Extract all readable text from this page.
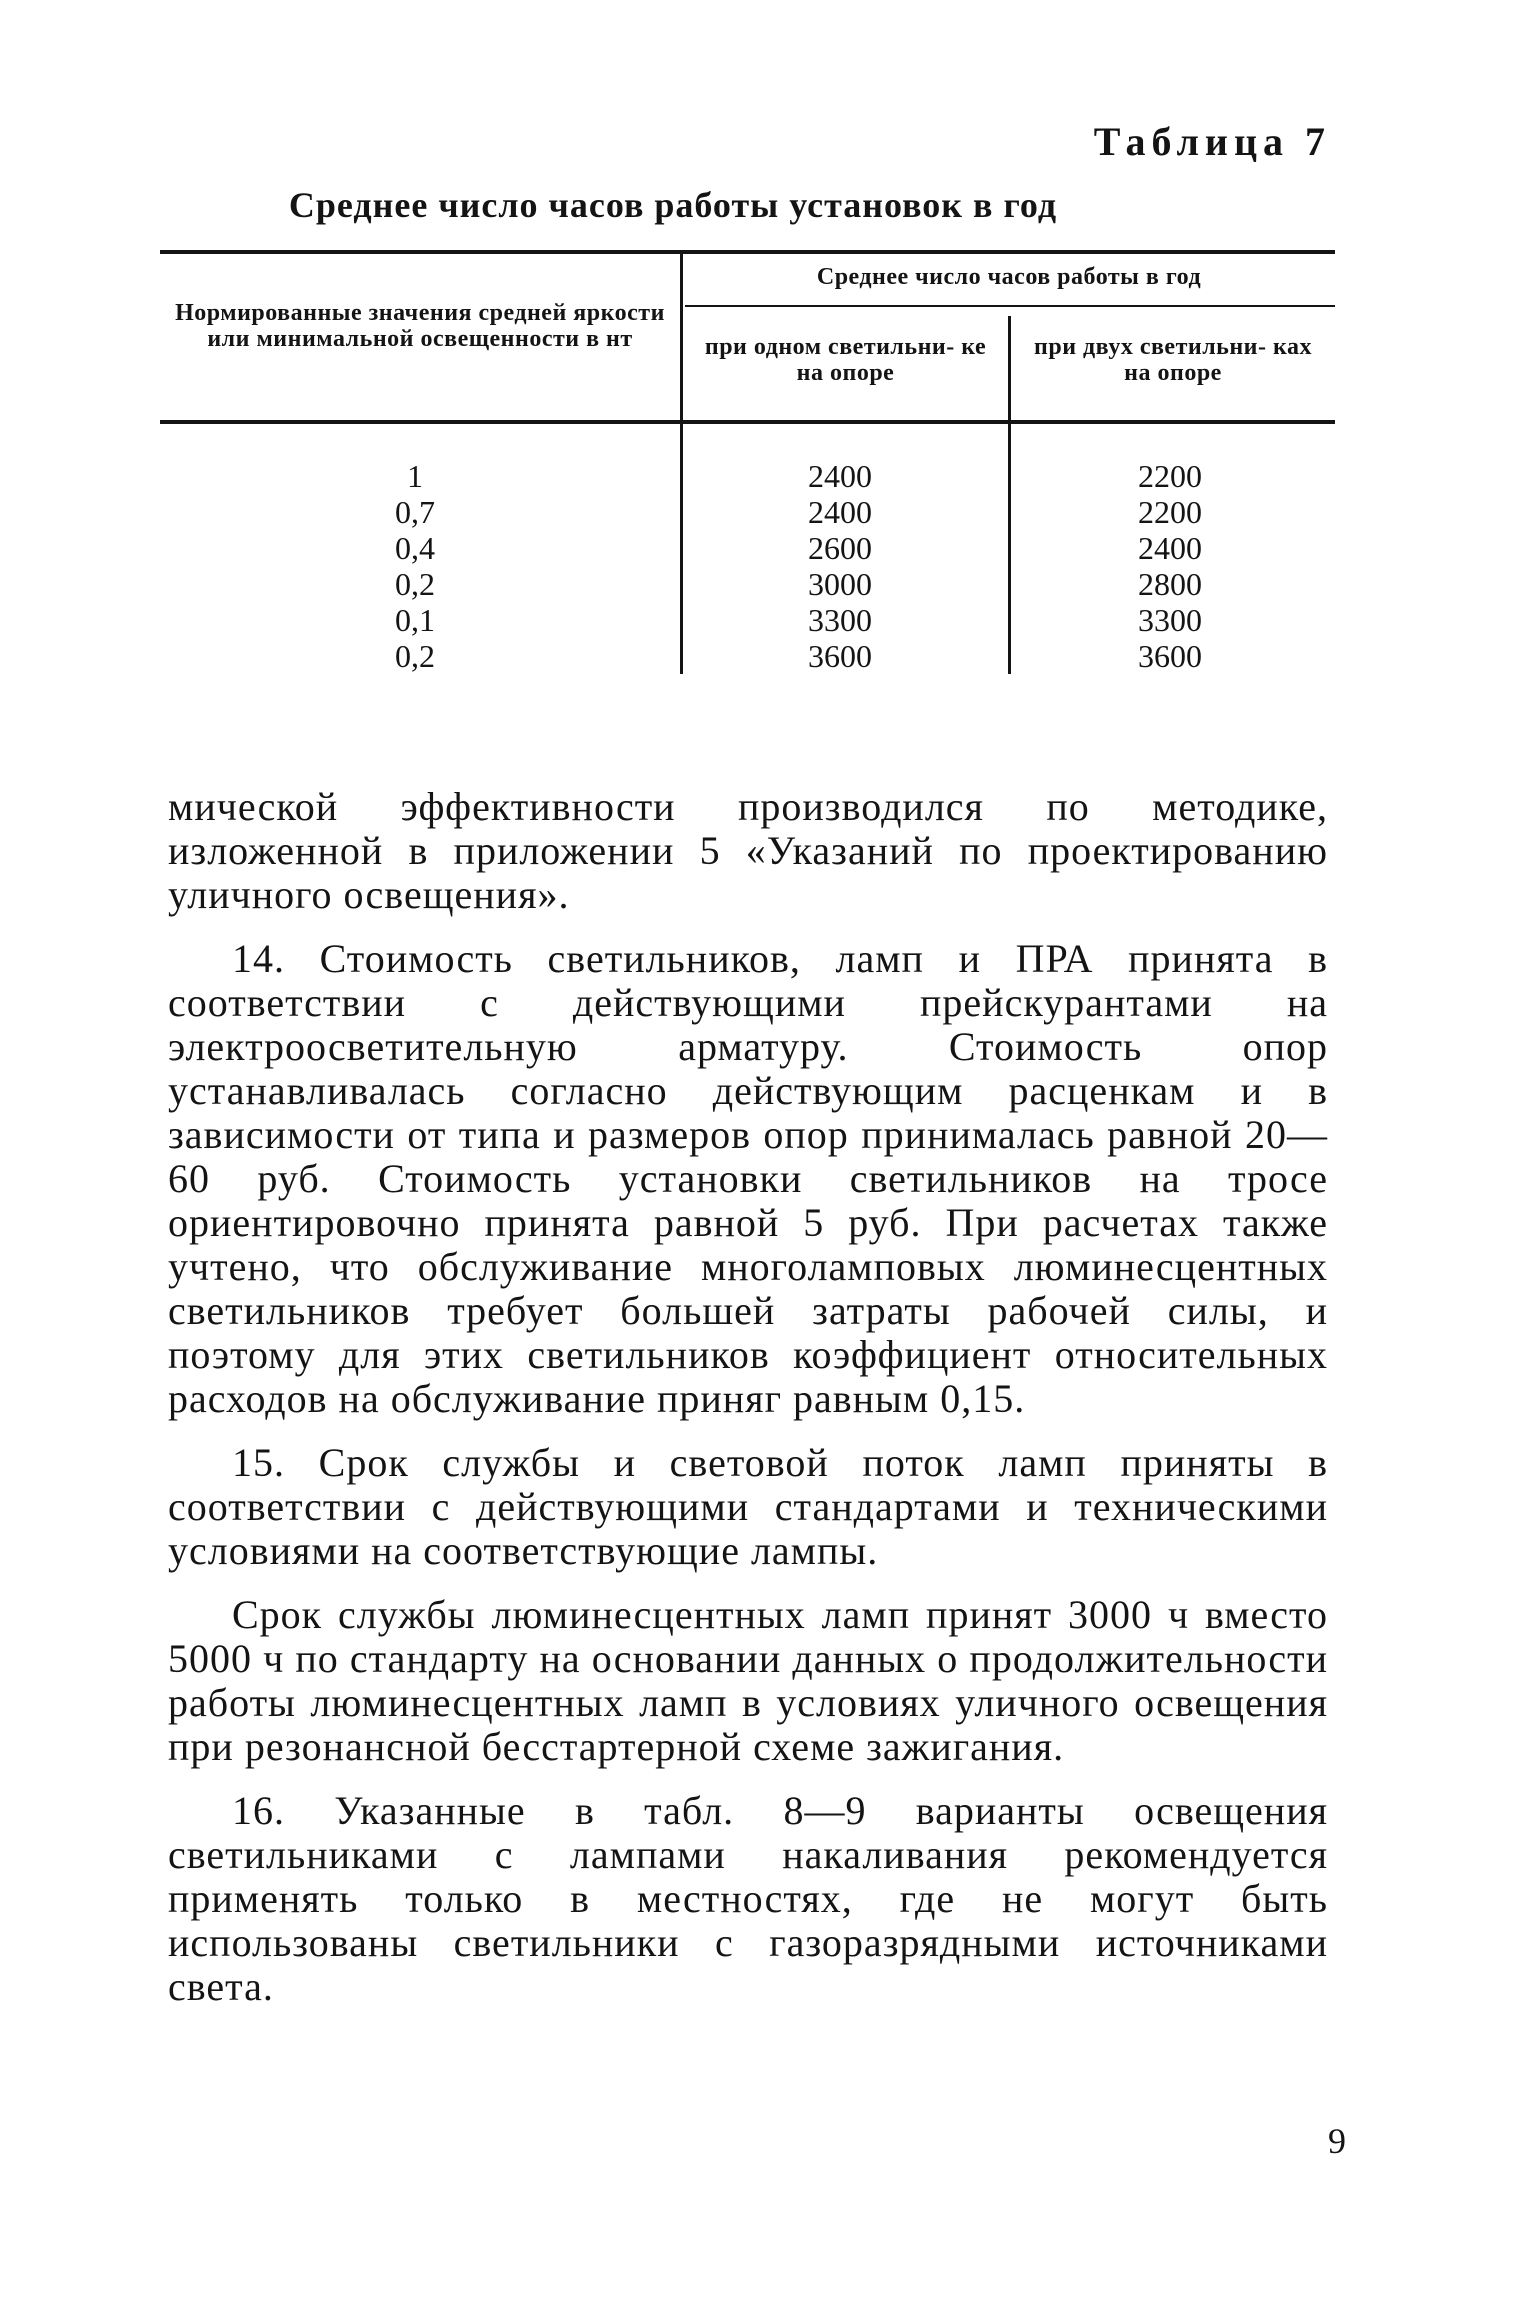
Таблица 7
Среднее число часов работы установок в год
Нормированные значения средней яркости или минимальной освещенности в нт
Среднее число часов работы в год
при одном светильни- ке на опоре
при двух светильни- ках на опоре
1
0,7
0,4
0,2
0,1
0,2
2400
2400
2600
3000
3300
3600
2200
2200
2400
2800
3300
3600

мической эффективности производился по методике, изложенной в приложении 5 «Указаний по проектированию уличного освещения».

14. Стоимость светильников, ламп и ПРА принята в соответствии с действующими прейскурантами на электроосветительную арматуру. Стоимость опор устанавливалась согласно действующим расценкам и в зависимости от типа и размеров опор принималась равной 20—60 руб. Стоимость установки светильников на тросе ориентировочно принята равной 5 руб. При расчетах также учтено, что обслуживание многоламповых люминесцентных светильников требует большей затраты рабочей силы, и поэтому для этих светильников коэффициент относительных расходов на обслуживание приняг равным 0,15.

15. Срок службы и световой поток ламп приняты в соответствии с действующими стандартами и техническими условиями на соответствующие лампы.

Срок службы люминесцентных ламп принят 3000 ч вместо 5000 ч по стандарту на основании данных о продолжительности работы люминесцентных ламп в условиях уличного освещения при резонансной бесстартерной схеме зажигания.

16. Указанные в табл. 8—9 варианты освещения светильниками с лампами накаливания рекомендуется применять только в местностях, где не могут быть использованы светильники с газоразрядными источниками света.

9
